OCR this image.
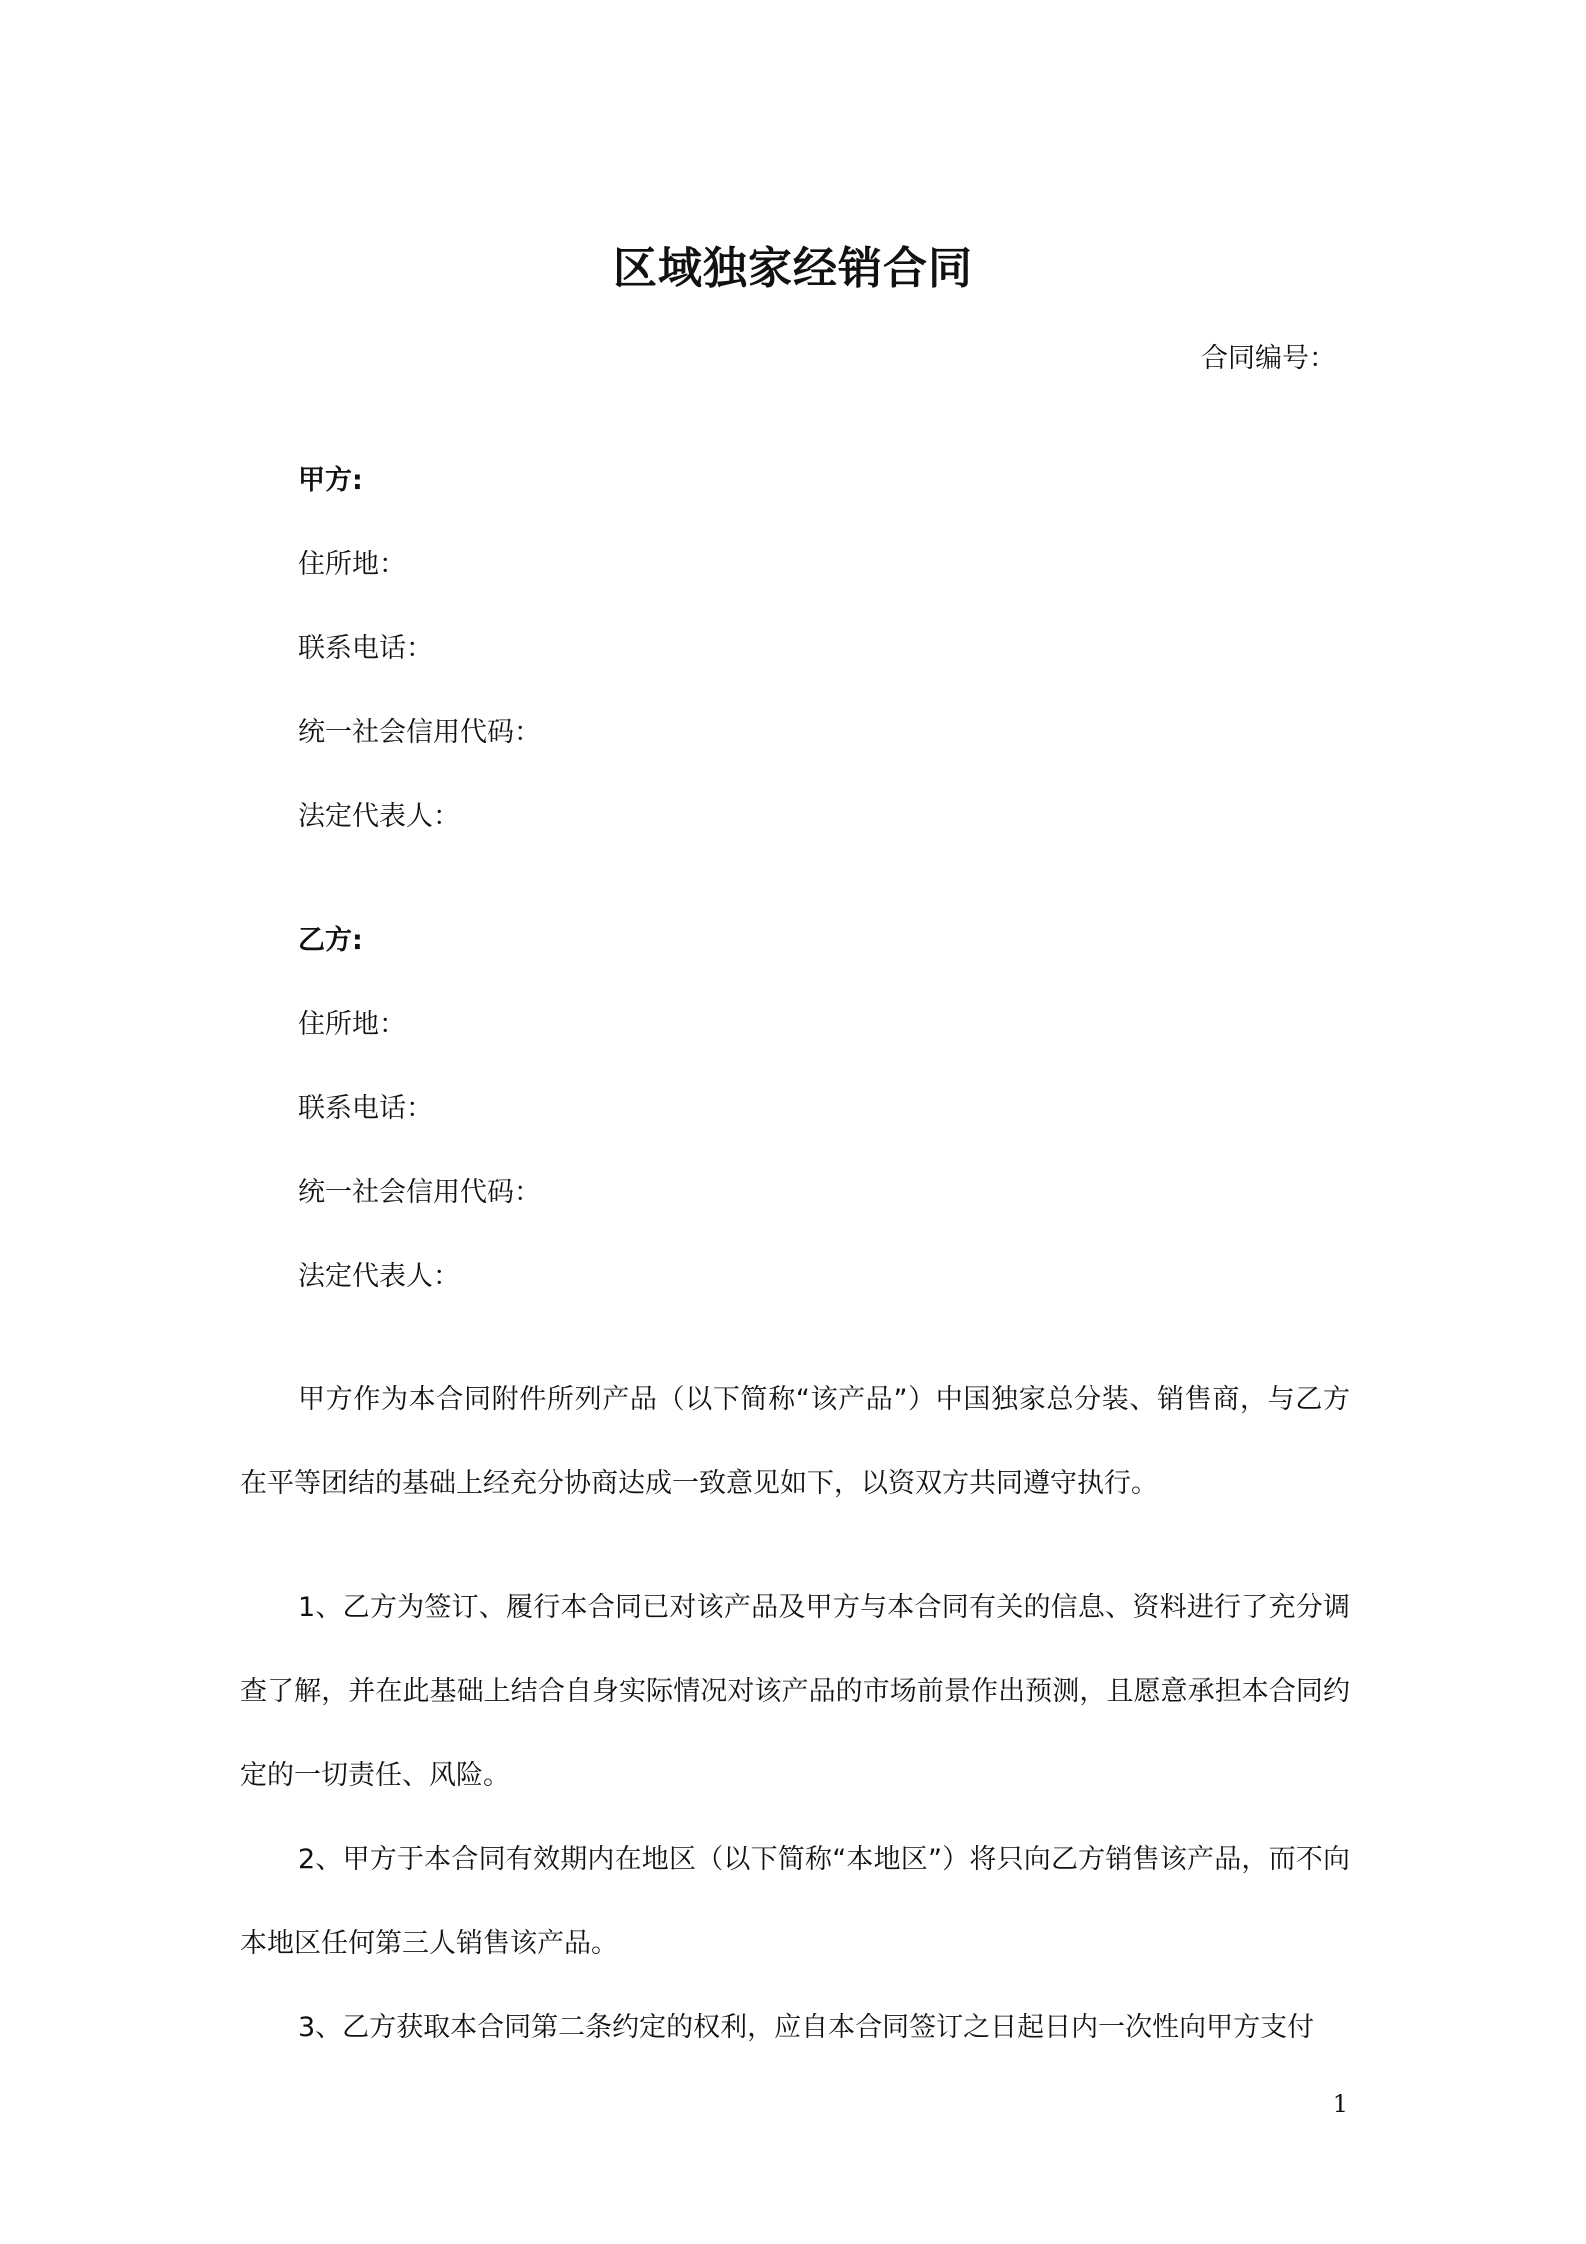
区域独家经销合同
合同编号：
甲方:
住所地：
联系电话：
统一社会信用代码：
法定代表人：
乙方:
住所地：
联系电话：
统一社会信用代码：
法定代表人：

甲方作为本合同附件所列产品（以下简称“该产品”）中国独家总分装、销售商，与乙方在平等团结的基础上经充分协商达成一致意见如下，以资双方共同遵守执行。

1、乙方为签订、履行本合同已对该产品及甲方与本合同有关的信息、资料进行了充分调查了解，并在此基础上结合自身实际情况对该产品的市场前景作出预测，且愿意承担本合同约定的一切责任、风险。

2、甲方于本合同有效期内在地区（以下简称“本地区”）将只向乙方销售该产品，而不向本地区任何第三人销售该产品。

3、乙方获取本合同第二条约定的权利，应自本合同签订之日起日内一次性向甲方支付

1
